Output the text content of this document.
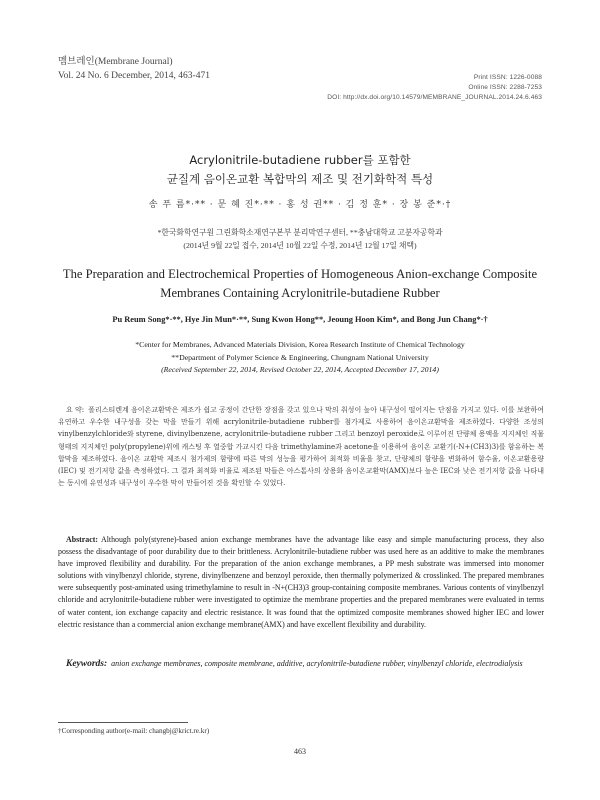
멤브레인(Membrane Journal)
Vol. 24 No. 6 December, 2014, 463-471	Print ISSN: 1226-0088
Online ISSN: 2288-7253
DOI: http://dx.doi.org/10.14579/MEMBRANE_JOURNAL.2014.24.6.463
Acrylonitrile-butadiene rubber를 포함한
균질계 음이온교환 복합막의 제조 및 전기화학적 특성
송 푸 름*·** · 문 혜 진*·** · 홍 성 권** · 김 정 훈* · 장 봉 준*·†
*한국화학연구원 그린화학소재연구본부 분리막연구센터, **충남대학교 고분자공학과
(2014년 9월 22일 접수, 2014년 10월 22일 수정, 2014년 12월 17일 채택)
The Preparation and Electrochemical Properties of Homogeneous Anion-exchange Composite Membranes Containing Acrylonitrile-butadiene Rubber
Pu Reum Song*·**, Hye Jin Mun*·**, Sung Kwon Hong**, Jeoung Hoon Kim*, and Bong Jun Chang*·†
*Center for Membranes, Advanced Materials Division, Korea Research Institute of Chemical Technology
**Department of Polymer Science & Engineering, Chungnam National University
(Received September 22, 2014, Revised October 22, 2014, Accepted December 17, 2014)
요 약: 폴리스티렌계 음이온교환막은 제조가 쉽고 공정이 간단한 장점을 갖고 있으나 막의 취성이 높아 내구성이 떨어지는 단점을 가지고 있다. 이를 보완하여 유연하고 우수한 내구성을 갖는 막을 만들기 위해 acrylonitrile-butadiene rubber를 첨가제로 사용하여 음이온교환막을 제조하였다. 다양한 조성의 vinylbenzylchloride와 styrene, divinylbenzene, acrylonitrile-butadiene rubber 그리고 benzoyl peroxide로 이루어진 단량체 용액을 지지체인 직물 형태의 지지체인 poly(propylene)위에 캐스팅 후 열중합 가교시킨 다음 trimethylamine과 acetone을 이용하여 음이온 교환기(-N+(CH3)3)를 함유하는 복합막을 제조하였다. 음이온 교환막 제조시 첨가제의 함량에 따른 막의 성능을 평가하여 최적화 비율을 찾고, 단량체의 함량을 변화하여 함수율, 이온교환용량(IEC) 및 전기저항 값을 측정하였다. 그 결과 최적화 비율로 제조된 막들은 아스톰사의 상용화 음이온교환막(AMX)보다 높은 IEC와 낮은 전기저항 값을 나타내는 동시에 유연성과 내구성이 우수한 막이 만들어진 것을 확인할 수 있었다.
Abstract: Although poly(styrene)-based anion exchange membranes have the advantage like easy and simple manufacturing process, they also possess the disadvantage of poor durability due to their brittleness. Acrylonitrile-butadiene rubber was used here as an additive to make the membranes have improved flexibility and durability. For the preparation of the anion exchange membranes, a PP mesh substrate was immersed into monomer solutions with vinylbenzyl chloride, styrene, divinylbenzene and benzoyl peroxide, then thermally polymerized & crosslinked. The prepared membranes were subsequently post-aminated using trimethylamine to result in -N+(CH3)3 group-containing composite membranes. Various contents of vinylbenzyl chloride and acrylonitrile-butadiene rubber were investigated to optimize the membrane properties and the prepared membranes were evaluated in terms of water content, ion exchange capacity and electric resistance. It was found that the optimized composite membranes showed higher IEC and lower electric resistance than a commercial anion exchange membrane(AMX) and have excellent flexibility and durability.
Keywords: anion exchange membranes, composite membrane, additive, acrylonitrile-butadiene rubber, vinylbenzyl chloride, electrodialysis
†Corresponding author(e-mail: changbj@krict.re.kr)
463
